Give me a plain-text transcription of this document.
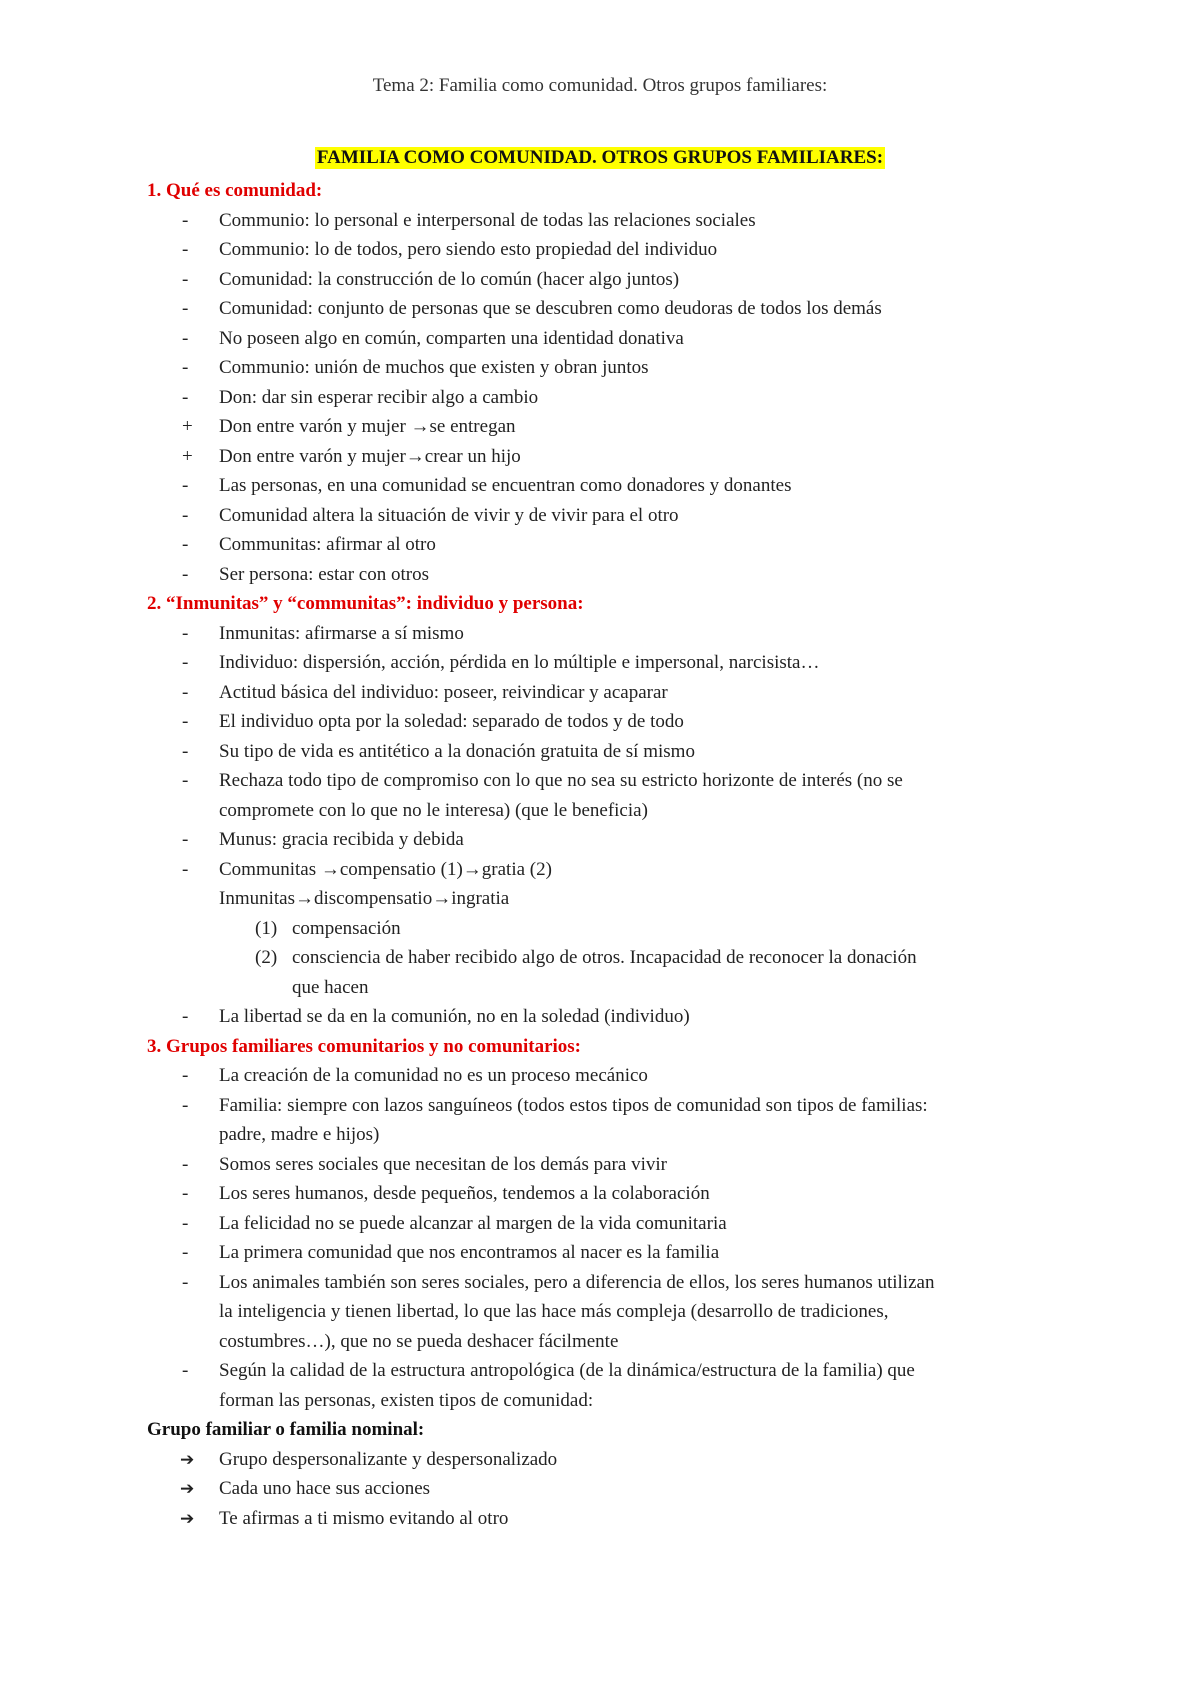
Tema 2: Familia como comunidad. Otros grupos familiares:
FAMILIA COMO COMUNIDAD. OTROS GRUPOS FAMILIARES:
1. Qué es comunidad:
-	Communio: lo personal e interpersonal de todas las relaciones sociales
-	Communio: lo de todos, pero siendo esto propiedad del individuo
-	Comunidad: la construcción de lo común (hacer algo juntos)
-	Comunidad: conjunto de personas que se descubren como deudoras de todos los demás
-	No poseen algo en común, comparten una identidad donativa
-	Communio: unión de muchos que existen y obran juntos
-	Don: dar sin esperar recibir algo a cambio
+	Don entre varón y mujer →se entregan
+	Don entre varón y mujer→crear un hijo
-	Las personas, en una comunidad se encuentran como donadores y donantes
-	Comunidad altera la situación de vivir y de vivir para el otro
-	Communitas: afirmar al otro
-	Ser persona: estar con otros
2. “Inmunitas” y “communitas”: individuo y persona:
-	Inmunitas: afirmarse a sí mismo
-	Individuo: dispersión, acción, pérdida en lo múltiple e impersonal, narcisista…
-	Actitud básica del individuo: poseer, reivindicar y acaparar
-	El individuo opta por la soledad: separado de todos y de todo
-	Su tipo de vida es antitético a la donación gratuita de sí mismo
-	Rechaza todo tipo de compromiso con lo que no sea su estricto horizonte de interés (no se
compromete con lo que no le interesa) (que le beneficia)
-	Munus: gracia recibida y debida
-	Communitas →compensatio (1)→gratia (2)
Inmunitas→discompensatio→ingratia
(1) compensación
(2) consciencia de haber recibido algo de otros. Incapacidad de reconocer la donación
que hacen
-	La libertad se da en la comunión, no en la soledad (individuo)
3. Grupos familiares comunitarios y no comunitarios:
-	La creación de la comunidad no es un proceso mecánico
-	Familia: siempre con lazos sanguíneos (todos estos tipos de comunidad son tipos de familias:
padre, madre e hijos)
-	Somos seres sociales que necesitan de los demás para vivir
-	Los seres humanos, desde pequeños, tendemos a la colaboración
-	La felicidad no se puede alcanzar al margen de la vida comunitaria
-	La primera comunidad que nos encontramos al nacer es la familia
-	Los animales también son seres sociales, pero a diferencia de ellos, los seres humanos utilizan
la inteligencia y tienen libertad, lo que las hace más compleja (desarrollo de tradiciones,
costumbres…), que no se pueda deshacer fácilmente
-	Según la calidad de la estructura antropológica (de la dinámica/estructura de la familia) que
forman las personas, existen tipos de comunidad:
Grupo familiar o familia nominal:
➔	Grupo despersonalizante y despersonalizado
➔	Cada uno hace sus acciones
➔	Te afirmas a ti mismo evitando al otro
